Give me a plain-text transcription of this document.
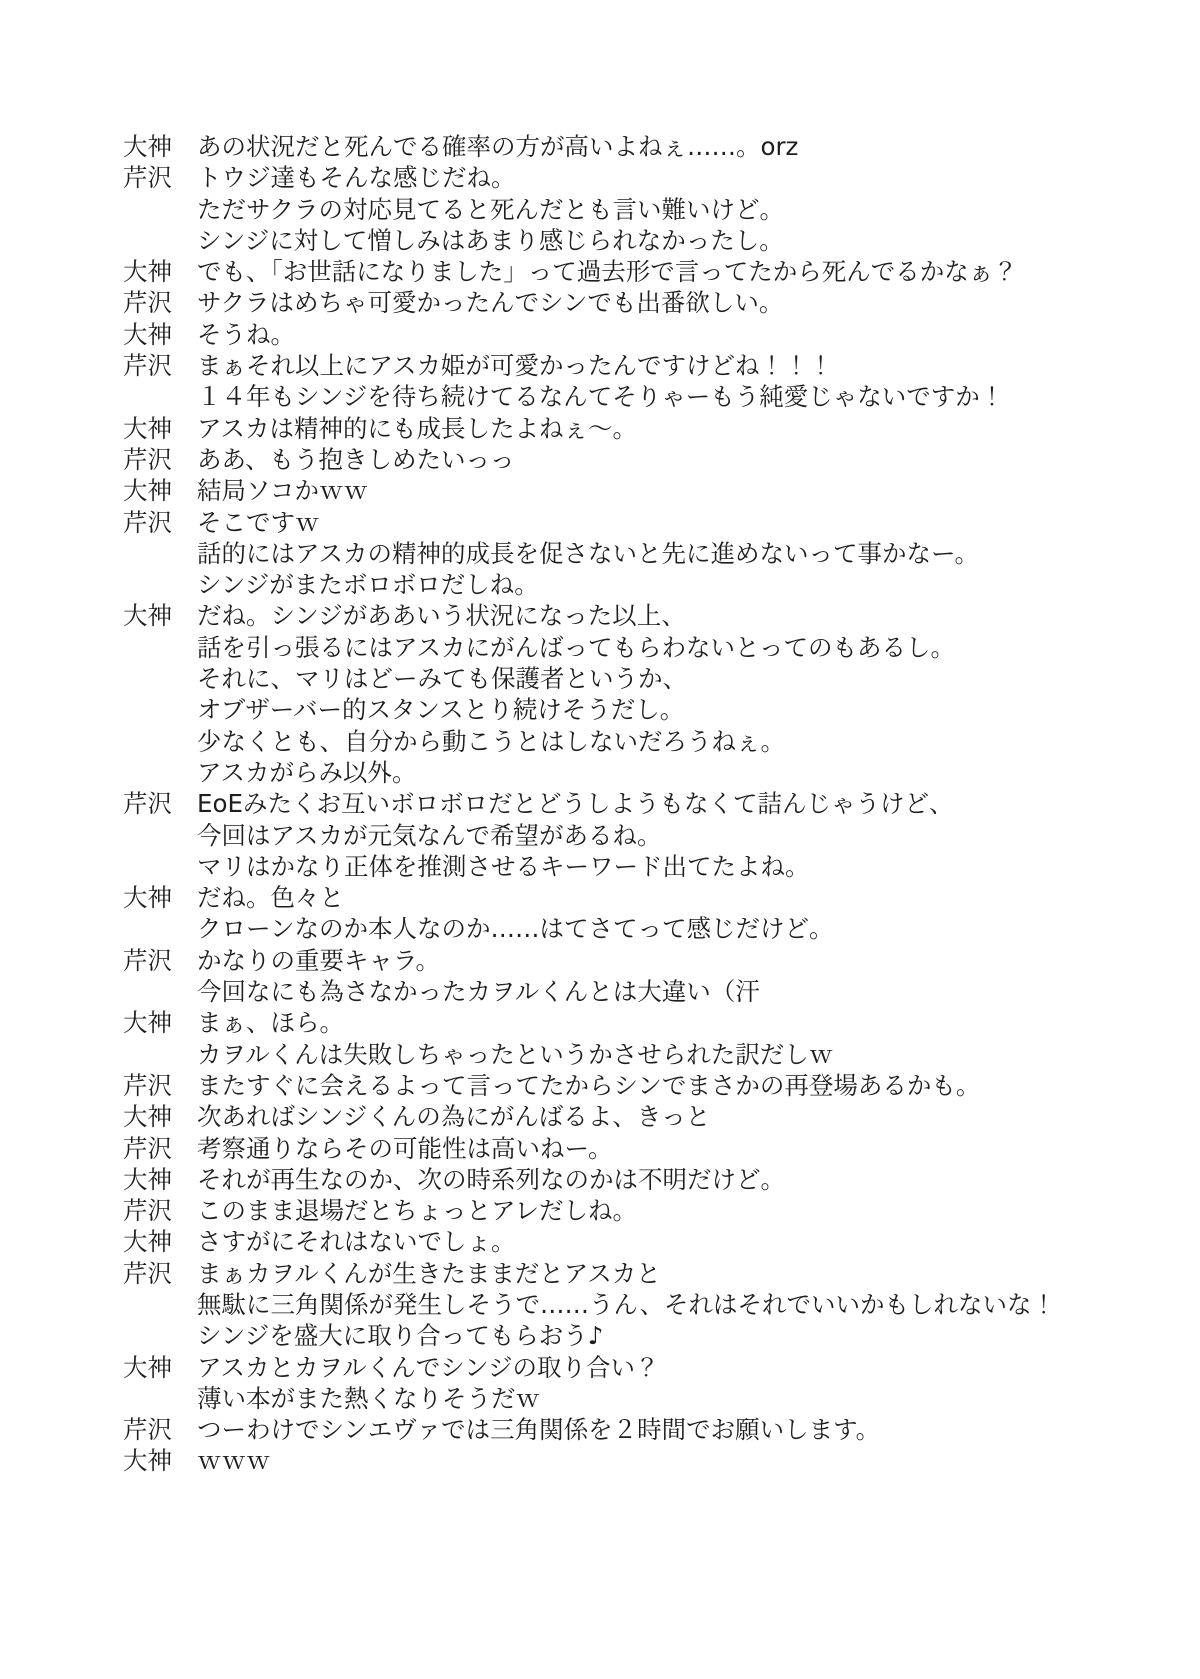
大神	あの状況だと死んでる確率の方が高いよねぇ……。orz
芹沢	トウジ達もそんな感じだね。
ただサクラの対応見てると死んだとも言い難いけど。
シンジに対して憎しみはあまり感じられなかったし。
大神	でも、「お世話になりました」って過去形で言ってたから死んでるかなぁ？
芹沢	サクラはめちゃ可愛かったんでシンでも出番欲しい。
大神	そうね。
芹沢	まぁそれ以上にアスカ姫が可愛かったんですけどね！！！
１４年もシンジを待ち続けてるなんてそりゃーもう純愛じゃないですか！
大神	アスカは精神的にも成長したよねぇ〜。
芹沢	ああ、もう抱きしめたいっっ
大神	結局ソコかｗｗ
芹沢	そこですｗ
話的にはアスカの精神的成長を促さないと先に進めないって事かなー。
シンジがまたボロボロだしね。
大神	だね。シンジがああいう状況になった以上、
話を引っ張るにはアスカにがんばってもらわないとってのもあるし。
それに、マリはどーみても保護者というか、
オブザーバー的スタンスとり続けそうだし。
少なくとも、自分から動こうとはしないだろうねぇ。
アスカがらみ以外。
芹沢	EoEみたくお互いボロボロだとどうしようもなくて詰んじゃうけど、
今回はアスカが元気なんで希望があるね。
マリはかなり正体を推測させるキーワード出てたよね。
大神	だね。色々と
クローンなのか本人なのか……はてさてって感じだけど。
芹沢	かなりの重要キャラ。
今回なにも為さなかったカヲルくんとは大違い（汗
大神	まぁ、ほら。
カヲルくんは失敗しちゃったというかさせられた訳だしｗ
芹沢	またすぐに会えるよって言ってたからシンでまさかの再登場あるかも。
大神	次あればシンジくんの為にがんばるよ、きっと
芹沢	考察通りならその可能性は高いねー。
大神	それが再生なのか、次の時系列なのかは不明だけど。
芹沢	このまま退場だとちょっとアレだしね。
大神	さすがにそれはないでしょ。
芹沢	まぁカヲルくんが生きたままだとアスカと
無駄に三角関係が発生しそうで……うん、それはそれでいいかもしれないな！
シンジを盛大に取り合ってもらおう♪
大神	アスカとカヲルくんでシンジの取り合い？
薄い本がまた熱くなりそうだｗ
芹沢	つーわけでシンエヴァでは三角関係を２時間でお願いします。
大神	ｗｗｗ
